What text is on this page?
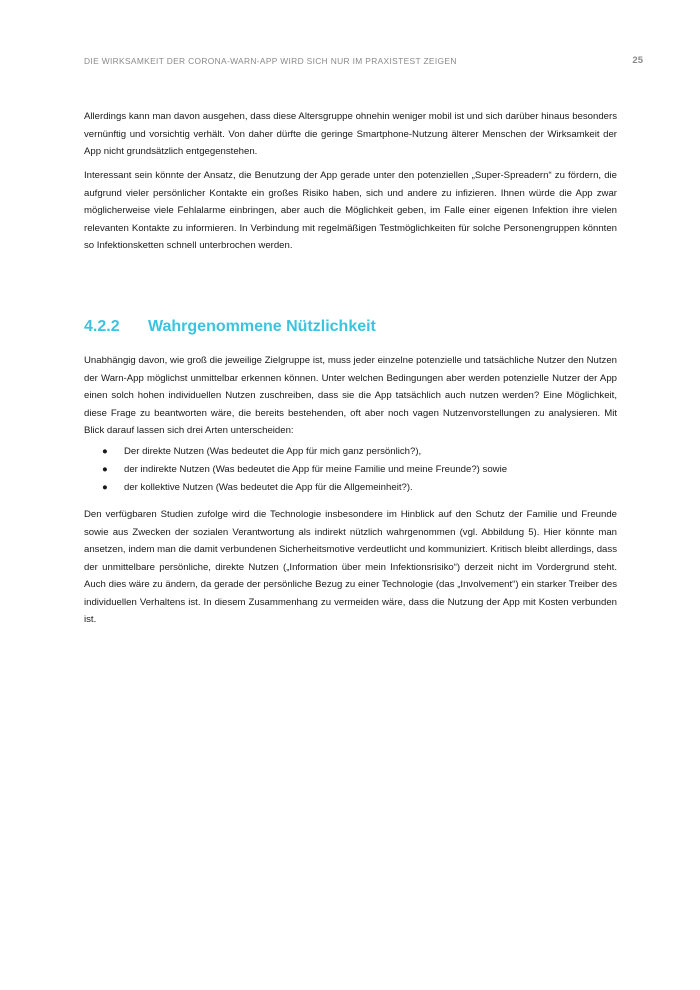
DIE WIRKSAMKEIT DER CORONA-WARN-APP WIRD SICH NUR IM PRAXISTEST ZEIGEN	25

Allerdings kann man davon ausgehen, dass diese Altersgruppe ohnehin weniger mobil ist und sich darüber hinaus besonders vernünftig und vorsichtig verhält. Von daher dürfte die geringe Smartphone-Nutzung älterer Menschen der Wirksamkeit der App nicht grundsätzlich entgegenstehen.

Interessant sein könnte der Ansatz, die Benutzung der App gerade unter den potenziellen „Super-Spreadern“ zu fördern, die aufgrund vieler persönlicher Kontakte ein großes Risiko haben, sich und andere zu infizieren. Ihnen würde die App zwar möglicherweise viele Fehlalarme einbringen, aber auch die Möglichkeit geben, im Falle einer eigenen Infektion ihre vielen relevanten Kontakte zu informieren. In Verbindung mit regelmäßigen Testmöglichkeiten für solche Personengruppen könnten so Infektionsketten schnell unterbrochen werden.

4.2.2 Wahrgenommene Nützlichkeit

Unabhängig davon, wie groß die jeweilige Zielgruppe ist, muss jeder einzelne potenzielle und tatsächliche Nutzer den Nutzen der Warn-App möglichst unmittelbar erkennen können. Unter welchen Bedingungen aber werden potenzielle Nutzer der App einen solch hohen individuellen Nutzen zuschreiben, dass sie die App tatsächlich auch nutzen werden? Eine Möglichkeit, diese Frage zu beantworten wäre, die bereits bestehenden, oft aber noch vagen Nutzenvorstellungen zu analysieren. Mit Blick darauf lassen sich drei Arten unterscheiden:

● Der direkte Nutzen (Was bedeutet die App für mich ganz persönlich?),
● der indirekte Nutzen (Was bedeutet die App für meine Familie und meine Freunde?) sowie
● der kollektive Nutzen (Was bedeutet die App für die Allgemeinheit?).

Den verfügbaren Studien zufolge wird die Technologie insbesondere im Hinblick auf den Schutz der Familie und Freunde sowie aus Zwecken der sozialen Verantwortung als indirekt nützlich wahrgenommen (vgl. Abbildung 5). Hier könnte man ansetzen, indem man die damit verbundenen Sicherheitsmotive verdeutlicht und kommuniziert. Kritisch bleibt allerdings, dass der unmittelbare persönliche, direkte Nutzen („Information über mein Infektionsrisiko“) derzeit nicht im Vordergrund steht. Auch dies wäre zu ändern, da gerade der persönliche Bezug zu einer Technologie (das „Involvement“) ein starker Treiber des individuellen Verhaltens ist. In diesem Zusammenhang zu vermeiden wäre, dass die Nutzung der App mit Kosten verbunden ist.
